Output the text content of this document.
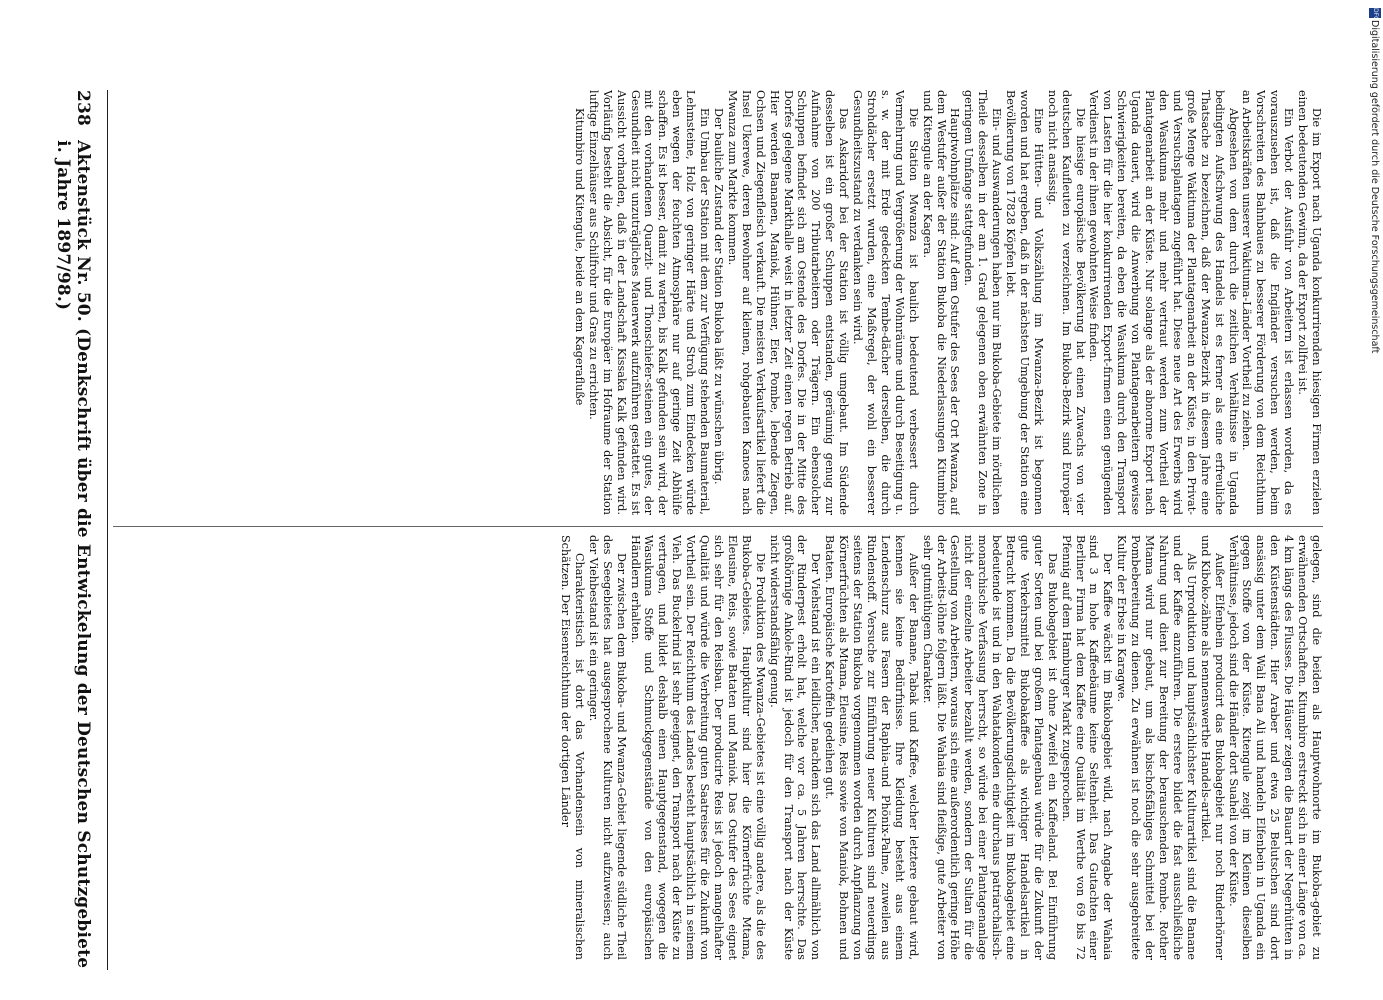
238
Aktenstück Nr. 50. (Denkschrift über die Entwickelung der Deutschen Schutzgebiete i. Jahre 1897/98.)	Die im Export nach Uganda konkurrirenden hiesigen Firmen erzielen einen bedeutenden Gewinn, da der Export zollfrei ist.

Ein Verbot der Ausfuhr von Arbeitern ist erlassen worden, da es vorauszusehen ist, daß die Engländer versuchen werden, beim Vorschreiten des Bahnbaues zu besserer Förderung von dem Reichthum an Arbeitskräften unserer Wakituma-Länder Vortheil zu ziehen.

Abgesehen von dem durch die zeitlichen Verhältnisse in Uganda bedingten Aufschwung des Handels ist es ferner als eine erfreuliche Thatsache zu bezeichnen, daß der Mwanza-Bezirk in diesem Jahre eine große Menge Wakituma der Plantagenarbeit an der Küste, in den Privat- und Versuchsplantagen zugeführt hat. Diese neue Art des Erwerbs wird den Wasukuma mehr und mehr vertraut werden zum Vortheil der Plantagenarbeit an der Küste. Nur solange als der abnorme Export nach Uganda dauert, wird die Anwerbung von Plantagenarbeitern gewisse Schwierigkeiten bereiten, da eben die Wasukuma durch den Transport von Lasten für die hier konkurrirenden Export-firmen einen genügenden Verdienst in der ihnen gewohnten Weise finden.

Die hiesige europäische Bevölkerung hat einen Zuwachs von vier deutschen Kaufleuten zu verzeichnen. Im Bukoba-Bezirk sind Europäer noch nicht ansässig.

Eine Hütten- und Volkszählung im Mwanza-Bezirk ist begonnen worden und hat ergeben, daß in der nächsten Umgebung der Station eine Bevölkerung von 17828 Köpfen lebt.

Ein- und Auswanderungen haben nur im Bukoba-Gebiete im nördlichen Theile desselben in der am 1. Grad gelegenen oben erwähnten Zone in geringem Umfange stattgefunden.

Hauptwohnplätze sind: Auf dem Ostufer des Sees der Ort Mwanza, auf dem Westufer außer der Station Bukoba die Niederlassungen Kitumbiro und Kitengule an der Kagera.

Die Station Mwanza ist baulich bedeutend verbessert durch Vermehrung und Vergrößerung der Wohnräume und durch Beseitigung u. s. w. der mit Erde gedeckten Tembe-dächer derselben, die durch Strohdächer ersetzt wurden, eine Maßregel, der wohl ein besserer Gesundheitszustand zu verdanken sein wird.

Das Askaridorf bei der Station ist völlig umgebaut. Im Südende desselben ist ein großer Schuppen entstanden, geräumig genug zur Aufnahme von 200 Tributarbeitern oder Trägern. Ein ebensolcher Schuppen befindet sich am Ostende des Dorfes. Die in der Mitte des Dorfes gelegene Markthalle weist in letzter Zeit einen regen Betrieb auf. Hier werden Bananen, Maniok, Hühner, Eier, Pombe, lebende Ziegen, Ochsen und Ziegenfleisch verkauft. Die meisten Verkaufsartikel liefert die Insel Ukerewe, deren Bewohner auf kleinen, rohgebauten Kanoes nach Mwanza zum Markte kommen.

Der bauliche Zustand der Station Bukoba läßt zu wünschen übrig.

Ein Umbau der Station mit dem zur Verfügung stehenden Baumaterial, Lehmsteine, Holz von geringer Härte und Stroh zum Eindecken würde eben wegen der feuchten Atmosphäre nur auf geringe Zeit Abhülfe schaffen. Es ist besser, damit zu warten, bis Kalk gefunden sein wird, der mit den vorhandenen Quarzit- und Thonschiefer-steinen ein gutes, der Gesundheit nicht unzuträgliches Mauerwerk aufzuführen gestattet. Es ist Aussicht vorhanden, daß in der Landschaft Kissaka Kalk gefunden wird. Vorläufig besteht die Absicht, für die Europäer im Hofraume der Station luftige Einzelhäuser aus Schilfrohr und Gras zu errichten.

Kitumbiro und Kitengule, beide an dem Kagerafluße

gelegen, sind die beiden als Hauptwohnorte im Bukoba-gebiet zu erwähnenden Ortschaften. Kitumbiro erstreckt sich in einer Länge von ca. 4 km längs des Flusses. Die Häuser zeigen die Bauart der Negerhütten in den Küstenstädten. Hier Araber und etwa 25 Belutschen sind dort ansässig unter dem Wali Bana Ali und handeln Elfenbein in Uganda ein gegen Stoffe von der Küste. Kitengule zeigt im Kleinen dieselben Verhältnisse, jedoch sind die Händler dort Suaheli von der Küste.

Außer Elfenbein producirt das Bukobagebiet nur noch Rinderhörner und Kiboko-zähne als nennenswerthe Handels-artikel.

Als Urproduktion und hauptsächlichster Kulturartikel sind die Banane und der Kaffee anzuführen. Die erstere bildet die fast ausschließliche Nahrung und dient zur Bereitung der berauschenden Pombe. Rother Mtama wird nur gebaut, um als bischofsfähiges Schmittel bei der Pombebereitung zu dienen. Zu erwähnen ist noch die sehr ausgebreitete Kultur der Erbse in Karagwe.

Der Kaffee wächst im Bukobagebiet wild, nach Angabe der Wahaia sind 3 m hohe Kaffeebäume keine Seltenheit. Das Gutachten einer Berliner Firma hat dem Kaffee eine Qualität im Werthe von 69 bis 72 Pfennig auf dem Hamburger Markt zugesprochen.

Das Bukobagebiet ist ohne Zweifel ein Kaffeeland. Bei Einführung guter Sorten und bei großem Plantagenbau würde für die Zukunft der gute Verkehrsmittel Bukobakaffee als wichtiger Handelsartikel in Betracht kommen. Da die Bevölkerungsdichtigkeit im Bukobagebiet eine bedeutende ist und in den Wahatakonden eine durchaus patriarchalisch-monarchische Verfassung herrscht, so würde bei einer Plantagenanlage nicht der einzelne Arbeiter bezahlt werden, sondern der Sultan für die Gestellung von Arbeitern, woraus sich eine außerordentlich geringe Höhe der Arbeits-löhne folgern läßt. Die Wahaia sind fleißige, gute Arbeiter von sehr gutmüthigem Charakter.

Außer der Banane, Tabak und Kaffee, welcher letztere gebaut wird, kennen sie keine Bedürfnisse. Ihre Kleidung besteht aus einem Lendenschurz aus Fasern der Raphia-und Phönix-Palme, zuweilen aus Rindenstoff. Versuche zur Einführung neuer Kulturen sind neuerdings seitens der Station Bukoba vorgenommen worden durch Anpflanzung von Körnerfrüchten als Mtama, Eleusine, Reis sowie von Maniok, Bohnen und Bataten. Europäische Kartoffeln gedeihen gut.

Der Viehstand ist ein leidlicher, nachdem sich das Land allmählich von der Rinderpest erholt hat, welche vor ca. 5 Jahren herrschte. Das großhörnige Ankole-Rind ist jedoch für den Transport nach der Küste nicht widerstandsfähig genug.

Die Produktion des Mwanza-Gebietes ist eine völlig andere, als die des Bukoba-Gebietes. Hauptkultur sind hier die Körnerfrüchte Mtama, Eleusine, Reis, sowie Bataten und Maniok. Das Ostufer des Sees eignet sich sehr für den Reisbau. Der producirte Reis ist jedoch mangelhafter Qualität und würde die Verbreitung guten Saatreises für die Zukunft von Vortheil sein. Der Reichthum des Landes besteht hauptsächlich in seinem Vieh. Das Buckelrind ist sehr geeignet, den Transport nach der Küste zu vertragen, und bildet deshalb einen Hauptgegenstand, wogegen die Wasukuma Stoffe und Schmuckgegenstände von den europäischen Händlern erhalten.

Der zwischen dem Bukoba- und Mwanza-Gebiet liegende südliche Theil des Seegebietes hat ausgesprochene Kulturen nicht aufzuweisen; auch der Viehbestand ist ein geringer.

Charakteristisch ist dort das Vorhandensein von mineralischen Schätzen. Der Eisenreichthum der dortigen Länder

DFG
Digitalisierung gefördert durch die Deutsche Forschungsgemeinschaft
